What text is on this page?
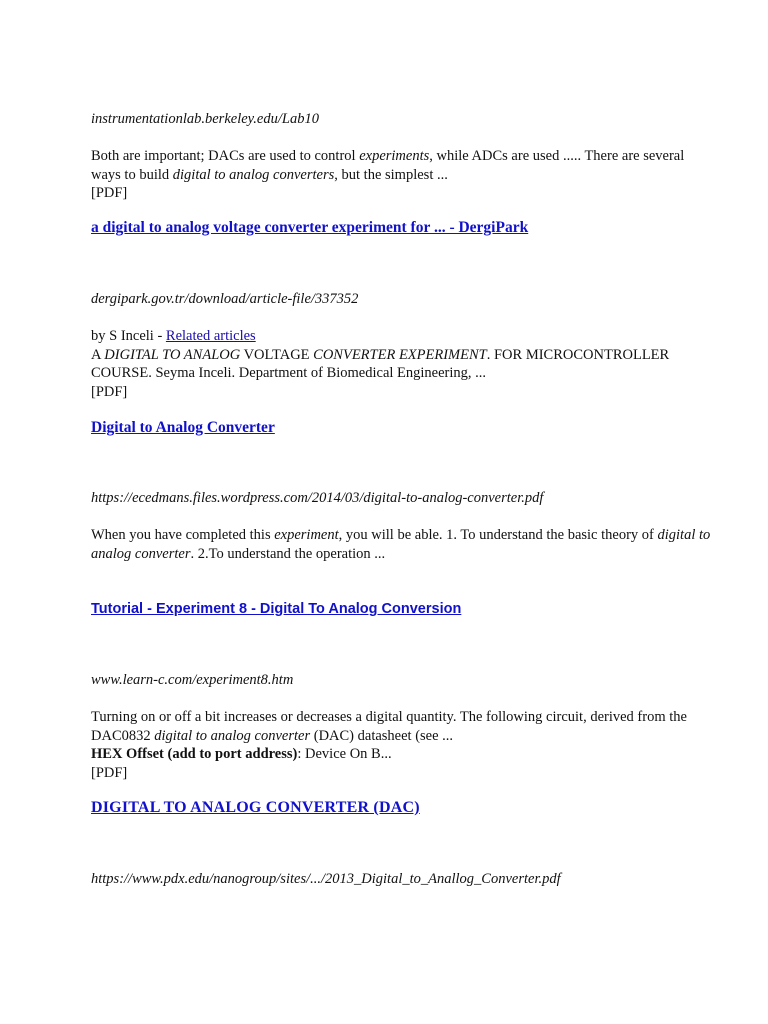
instrumentationlab.berkeley.edu/Lab10
Both are important; DACs are used to control experiments, while ADCs are used ..... There are several ways to build digital to analog converters, but the simplest ...
[PDF]
a digital to analog voltage converter experiment for ... - DergiPark
dergipark.gov.tr/download/article-file/337352
by S Inceli - Related articles
A DIGITAL TO ANALOG VOLTAGE CONVERTER EXPERIMENT. FOR MICROCONTROLLER COURSE. Seyma Inceli. Department of Biomedical Engineering, ...
[PDF]
Digital to Analog Converter
https://ecedmans.files.wordpress.com/2014/03/digital-to-analog-converter.pdf
When you have completed this experiment, you will be able. 1. To understand the basic theory of digital to analog converter. 2.To understand the operation ...
Tutorial - Experiment 8 - Digital To Analog Conversion
www.learn-c.com/experiment8.htm
Turning on or off a bit increases or decreases a digital quantity. The following circuit, derived from the DAC0832 digital to analog converter (DAC) datasheet (see ...
HEX Offset (add to port address): Device On B...
[PDF]
DIGITAL TO ANALOG CONVERTER (DAC)
https://www.pdx.edu/nanogroup/sites/.../2013_Digital_to_Anallog_Converter.pdf
